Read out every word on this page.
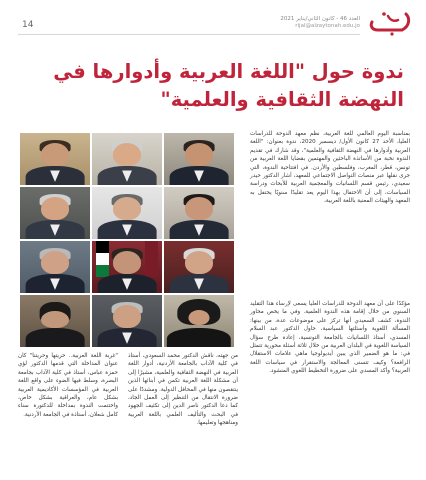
14
العدد 46 - كانون الثاني/يناير 2021
rijal@alzaytonah.edu.jo
ندوة حول "اللغة العربية وأدوارها في
النهضة الثقافية والعلمية"

بمناسبة اليوم العالمي للغة العربية، نظم معهد الدوحة للدراسات العليا، الأحد 27 كانون الأول/ ديسمبر 2020، ندوة بعنوان: "اللغة العربية وأدوارها في النهضة الثقافية والعلمية"، وقد شارك في تقديم الندوة نخبة من الأساتذة الباحثين والمهتمين بقضايا اللغة العربية من تونس، قطر، المغرب، وفلسطين والأردن. في افتتاحية الندوة، التي جرى نقلها عبر منصات التواصل الاجتماعي للمعهد، أشار الدكتور حيدر سعيدي، رئيس قسم اللسانيات والمعجمية العربية للأبحاث ودراسة السياسات، إلى أن الاحتفال بهذا اليوم يعد تقليدًا سنويًا يحتفل به المعهد والهيئات المعنية باللغة العربية،

مؤكدًا على أن معهد الدوحة للدراسات العليا يسعى لإرساء هذا التقليد السنوي من خلال إقامة هذه الندوة العلمية. وفي ما يخص محاور الندوة، كشف السعيدي أنها تركز على موضوعات عدة، من بينها: المسألة اللغوية وأسئلتها السياسية، حاول الدكتور عبد السلام المسدي، أستاذ اللسانيات بالجامعة التونسية، إعادة طرح سؤال السياسة اللغوية في البلدان العربية من خلال ثلاثة أسئلة محورية تتمثل في: ما هو الضمير الذي يبين أيديولوجيا ماهي علامات الاستقلال الرافعة؟ وكيف تتسنى المعالجة والاستقرار في سياسات اللغة العربية؟ وأكد المسدي على ضرورة التخطيط اللغوي المنشود.

من جهته، ناقش الدكتور محمد السعودي، أستاذ في كلية الآداب بالجامعة الأردنية، أدوار اللغة العربية في النهضة الثقافية والعلمية، مشيرًا إلى أن مشكلة اللغة العربية تكمن في أبنائها الذين ينتقصون منها في المحافل الدولية. ومشددًا على ضرورة الانتقال من التنظير إلى العمل الجاد، كما دعا الدكتور ناصر الدين إلى تكثيف الجهود في البحث والتأليف العلمي باللغة العربية ومناهجها وتعليمها.

"غربة اللغة العربية.. حريتها وحريتنا" كان عنوان المداخلة التي قدمها الدكتور لؤي حمزة عباس، أستاذ في كلية الآداب بجامعة البصرة، وسلط فيها الضوء على واقع اللغة العربية في المؤسسات الأكاديمية العربية بشكل عام، والعراقية بشكل خاص، واختتمت الندوة بمداخلة للدكتورة سناء كامل شعلان، أستاذة في الجامعة الأردنية.
